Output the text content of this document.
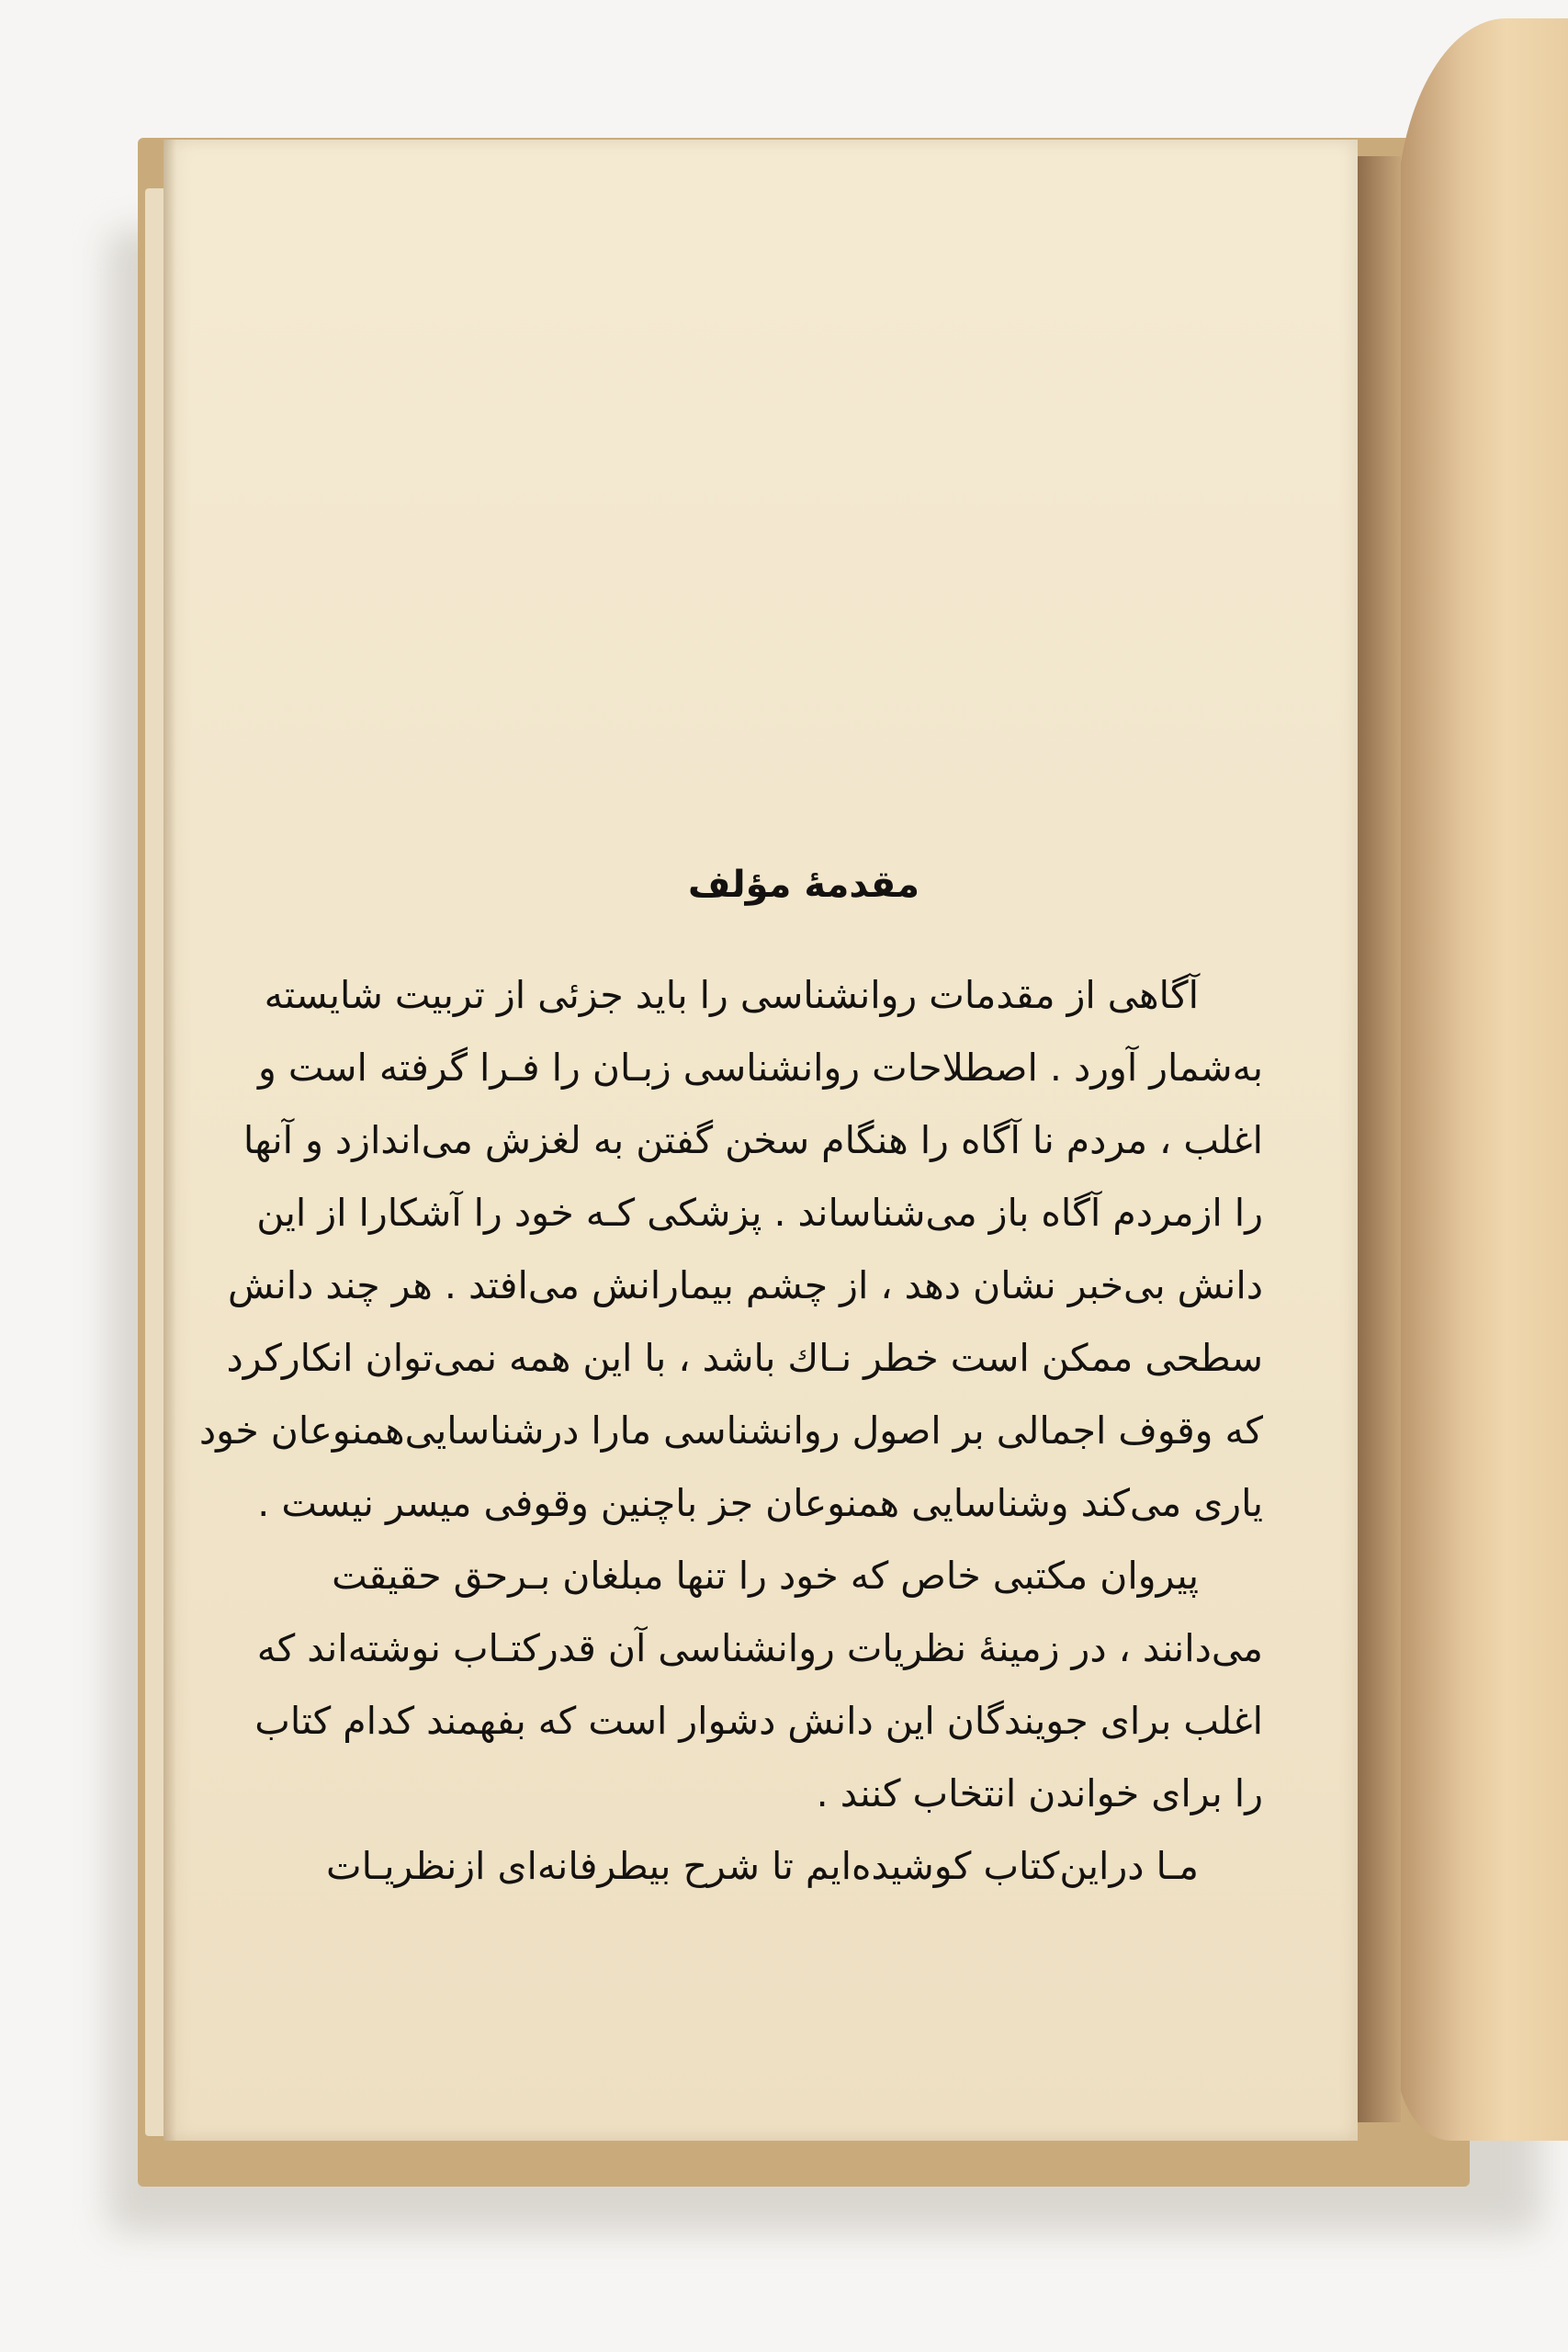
مقدمهٔ مؤلف
آگاهی از مقدمات روانشناسی را باید جزئی از تربیت شایسته
به‌شمار آورد . اصطلاحات روانشناسی زبـان را فـرا گرفته است و
اغلب ، مردم نا آگاه را هنگام سخن گفتن به لغزش می‌اندازد و آنها
را ازمردم آگاه باز می‌شناساند . پزشکی کـه خود را آشکارا از این
دانش بی‌خبر نشان دهد ، از چشم بیمارانش می‌افتد . هر چند دانش
سطحی ممکن است خطر نـاك باشد ، با این همه نمی‌توان انکارکرد
که وقوف اجمالی بر اصول روانشناسی مارا درشناسایی‌همنوعان خود
یاری می‌کند وشناسایی همنوعان جز باچنین وقوفی میسر نیست .
پیروان مکتبی خاص که خود را تنها مبلغان بـرحق حقیقت
می‌دانند ، در زمینهٔ نظریات روانشناسی آن قدرکتـاب نوشته‌اند که
اغلب برای جویندگان این دانش دشوار است که بفهمند کدام کتاب
را برای خواندن انتخاب کنند .
مـا دراین‌کتاب کوشیده‌ایم تا شرح بیطرفانه‌ای ازنظریـات
